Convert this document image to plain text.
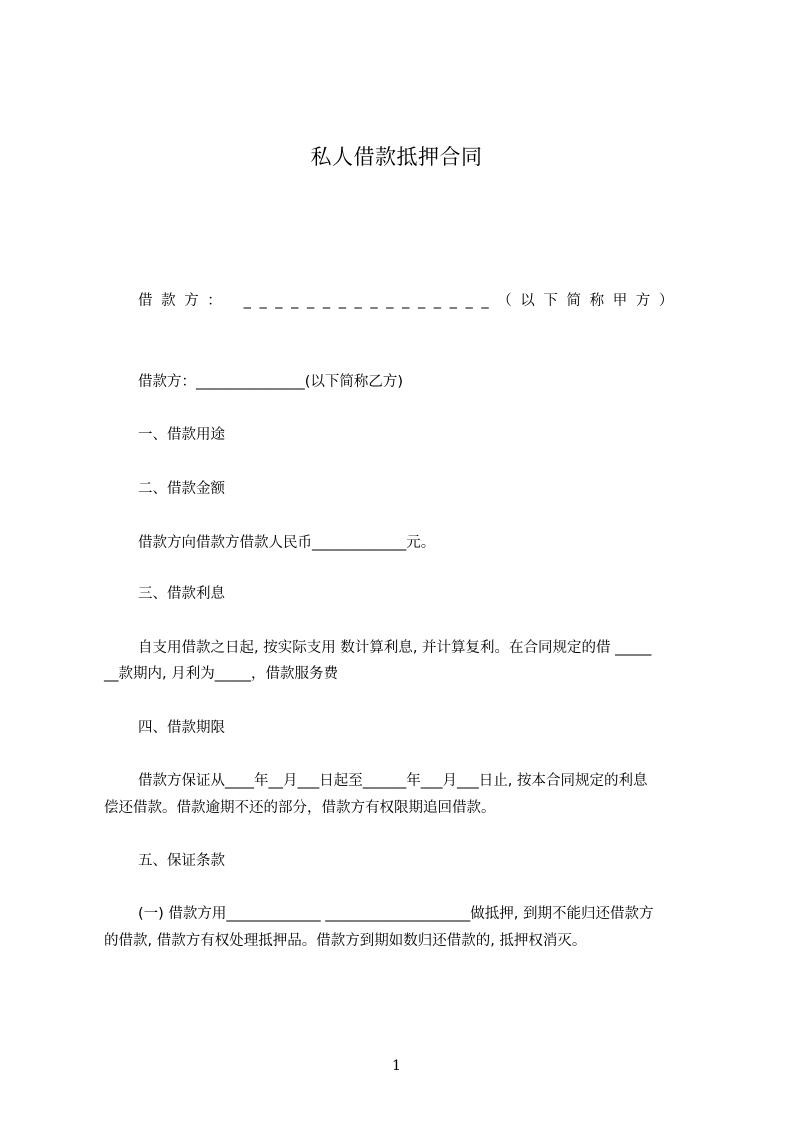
私人借款抵押合同
借款方： ________________（以下简称甲方）
借款方：_______________(以下简称乙方)
一、借款用途
二、借款金额
借款方向借款方借款人民币_____________元。
三、借款利息
自支用借款之日起, 按实际支用 数计算利息, 并计算复利。在合同规定的借 _____
__款期内, 月利为_____，借款服务费
四、借款期限
借款方保证从____年__月___日起至______年___月___日止, 按本合同规定的利息
偿还借款。借款逾期不还的部分，借款方有权限期追回借款。
五、保证条款
(一) 借款方用_____________ ____________________做抵押, 到期不能归还借款方
的借款, 借款方有权处理抵押品。借款方到期如数归还借款的, 抵押权消灭。
1
